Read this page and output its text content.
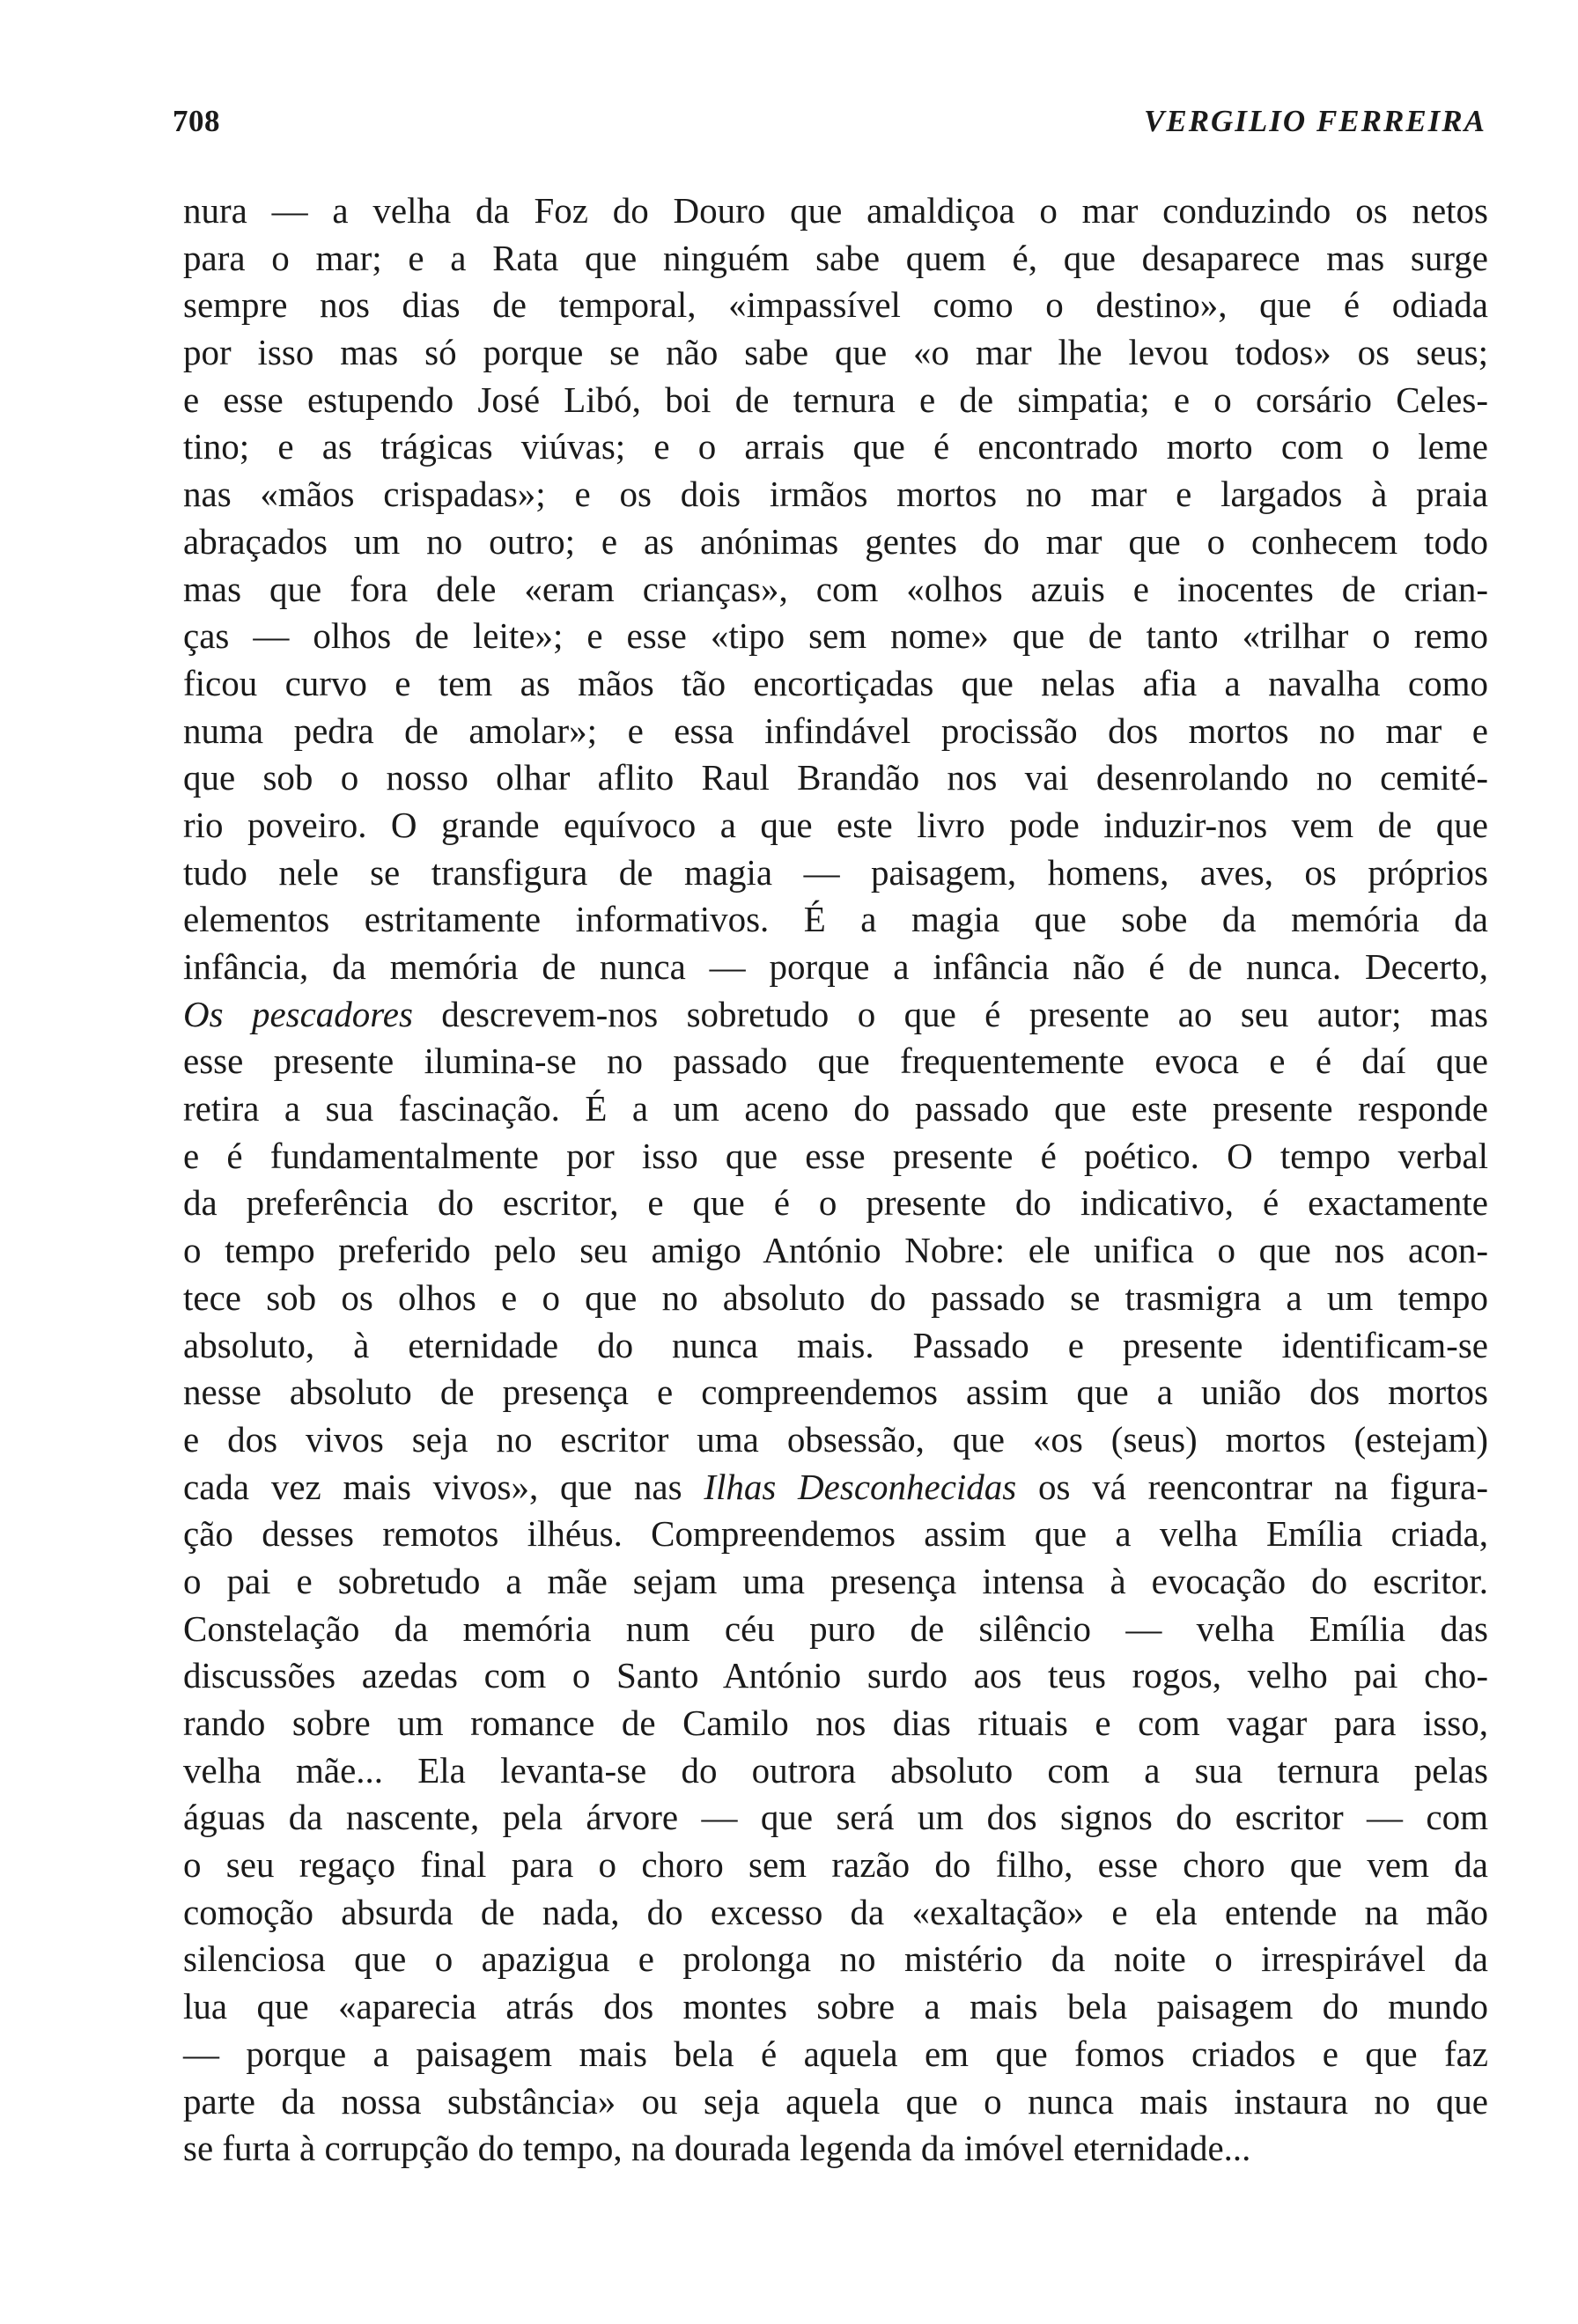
708	VERGILIO FERREIRA
nura — a velha da Foz do Douro que amaldiçoa o mar conduzindo os netos
para o mar; e a Rata que ninguém sabe quem é, que desaparece mas surge
sempre nos dias de temporal, «impassível como o destino», que é odiada
por isso mas só porque se não sabe que «o mar lhe levou todos» os seus;
e esse estupendo José Libó, boi de ternura e de simpatia; e o corsário Celes-
tino; e as trágicas viúvas; e o arrais que é encontrado morto com o leme
nas «mãos crispadas»; e os dois irmãos mortos no mar e largados à praia
abraçados um no outro; e as anónimas gentes do mar que o conhecem todo
mas que fora dele «eram crianças», com «olhos azuis e inocentes de crian-
ças — olhos de leite»; e esse «tipo sem nome» que de tanto «trilhar o remo
ficou curvo e tem as mãos tão encortiçadas que nelas afia a navalha como
numa pedra de amolar»; e essa infindável procissão dos mortos no mar e
que sob o nosso olhar aflito Raul Brandão nos vai desenrolando no cemité-
rio poveiro. O grande equívoco a que este livro pode induzir-nos vem de que
tudo nele se transfigura de magia — paisagem, homens, aves, os próprios
elementos estritamente informativos. É a magia que sobe da memória da
infância, da memória de nunca — porque a infância não é de nunca. Decerto,
Os pescadores descrevem-nos sobretudo o que é presente ao seu autor; mas
esse presente ilumina-se no passado que frequentemente evoca e é daí que
retira a sua fascinação. É a um aceno do passado que este presente responde
e é fundamentalmente por isso que esse presente é poético. O tempo verbal
da preferência do escritor, e que é o presente do indicativo, é exactamente
o tempo preferido pelo seu amigo António Nobre: ele unifica o que nos acon-
tece sob os olhos e o que no absoluto do passado se trasmigra a um tempo
absoluto, à eternidade do nunca mais. Passado e presente identificam-se
nesse absoluto de presença e compreendemos assim que a união dos mortos
e dos vivos seja no escritor uma obsessão, que «os (seus) mortos (estejam)
cada vez mais vivos», que nas Ilhas Desconhecidas os vá reencontrar na figura-
ção desses remotos ilhéus. Compreendemos assim que a velha Emília criada,
o pai e sobretudo a mãe sejam uma presença intensa à evocação do escritor.
Constelação da memória num céu puro de silêncio — velha Emília das
discussões azedas com o Santo António surdo aos teus rogos, velho pai cho-
rando sobre um romance de Camilo nos dias rituais e com vagar para isso,
velha mãe... Ela levanta-se do outrora absoluto com a sua ternura pelas
águas da nascente, pela árvore — que será um dos signos do escritor — com
o seu regaço final para o choro sem razão do filho, esse choro que vem da
comoção absurda de nada, do excesso da «exaltação» e ela entende na mão
silenciosa que o apazigua e prolonga no mistério da noite o irrespirável da
lua que «aparecia atrás dos montes sobre a mais bela paisagem do mundo
— porque a paisagem mais bela é aquela em que fomos criados e que faz
parte da nossa substância» ou seja aquela que o nunca mais instaura no que
se furta à corrupção do tempo, na dourada legenda da imóvel eternidade...
